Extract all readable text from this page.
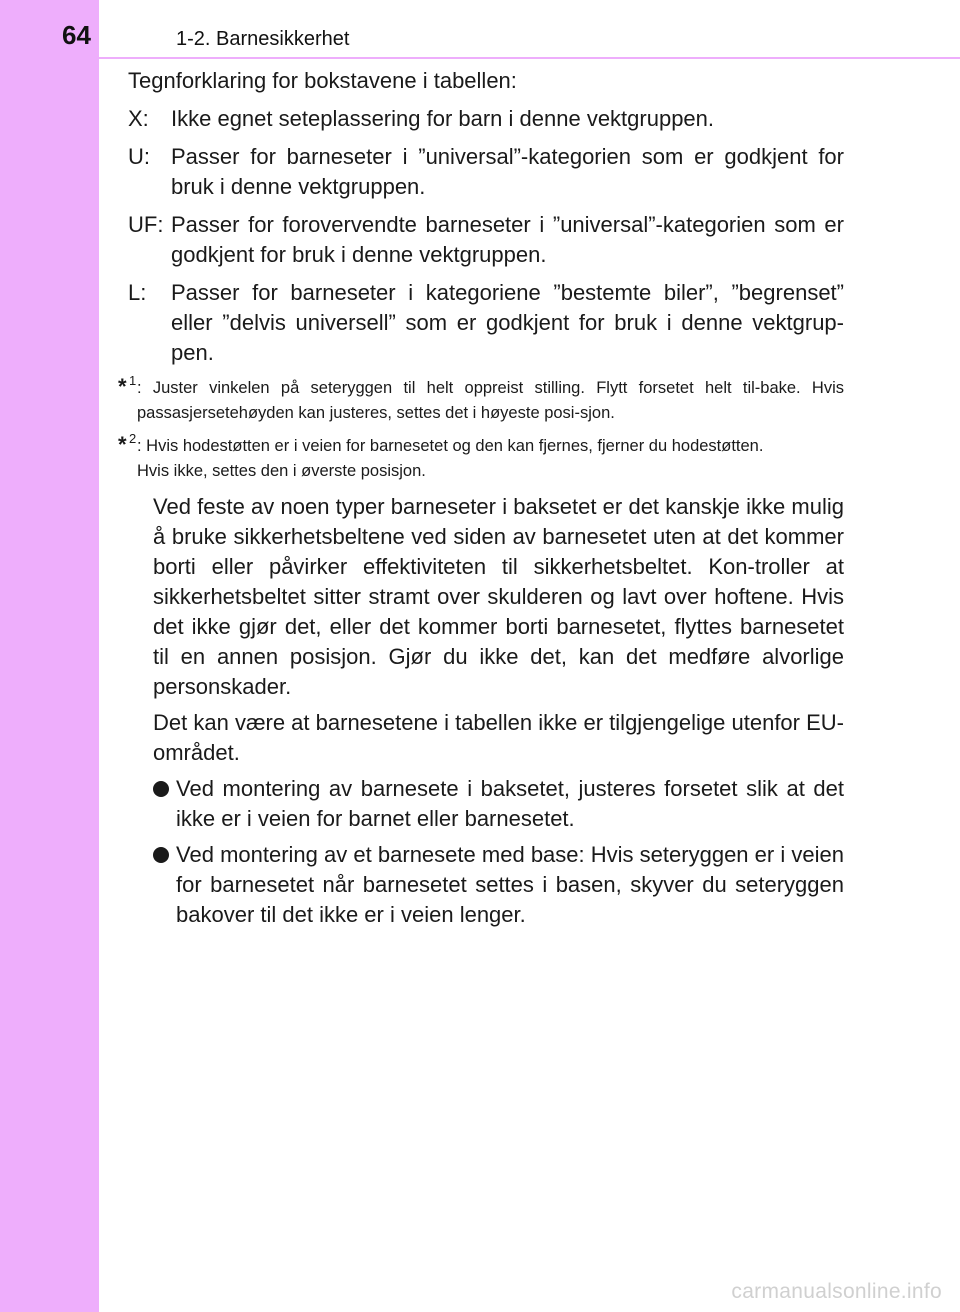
64	1-2. Barnesikkerhet

Tegnforklaring for bokstavene i tabellen:

X: Ikke egnet seteplassering for barn i denne vektgruppen.
U: Passer for barneseter i ”universal”-kategorien som er godkjent for bruk i denne vektgruppen.
UF: Passer for forovervendte barneseter i ”universal”-kategorien som er godkjent for bruk i denne vektgruppen.
L: Passer for barneseter i kategoriene ”bestemte biler”, ”begrenset” eller ”delvis universell” som er godkjent for bruk i denne vektgrup-pen.
* 1 : Juster vinkelen på seteryggen til helt oppreist stilling. Flytt forsetet helt til-bake. Hvis passasjersetehøyden kan justeres, settes det i høyeste posi-sjon.
* 2 : Hvis hodestøtten er i veien for barnesetet og den kan fjernes, fjerner du hodestøtten.
Hvis ikke, settes den i øverste posisjon.

Ved feste av noen typer barneseter i baksetet er det kanskje ikke mulig å bruke sikkerhetsbeltene ved siden av barnesetet uten at det kommer borti eller påvirker effektiviteten til sikkerhetsbeltet. Kon-troller at sikkerhetsbeltet sitter stramt over skulderen og lavt over hoftene. Hvis det ikke gjør det, eller det kommer borti barnesetet, flyttes barnesetet til en annen posisjon. Gjør du ikke det, kan det medføre alvorlige personskader.

Det kan være at barnesetene i tabellen ikke er tilgjengelige utenfor EU-området.

Ved montering av barnesete i baksetet, justeres forsetet slik at det ikke er i veien for barnet eller barnesetet.
Ved montering av et barnesete med base: Hvis seteryggen er i veien for barnesetet når barnesetet settes i basen, skyver du seteryggen bakover til det ikke er i veien lenger.
carmanualsonline.info
